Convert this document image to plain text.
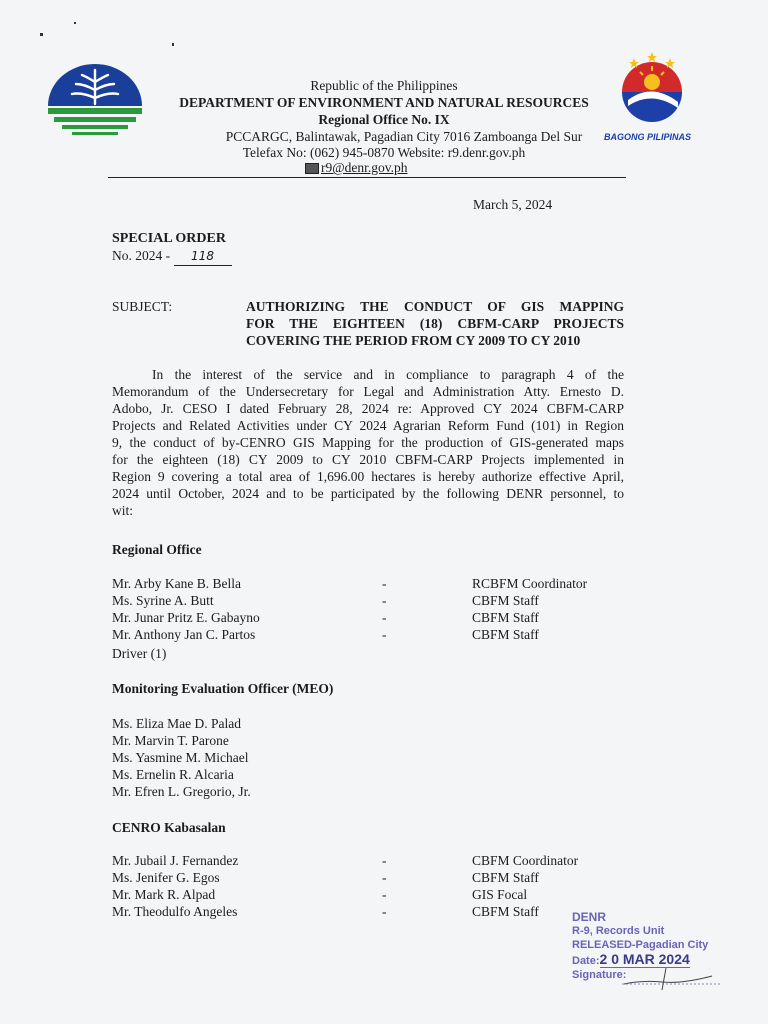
BAGONG PILIPINAS
Republic of the Philippines
DEPARTMENT OF ENVIRONMENT AND NATURAL RESOURCES
Regional Office No. IX
PCCARGC, Balintawak, Pagadian City 7016 Zamboanga Del Sur
Telefax No: (062) 945-0870 Website: r9.denr.gov.ph
r9@denr.gov.ph
March 5, 2024
SPECIAL ORDER
No. 2024 - 118
SUBJECT:	AUTHORIZING THE CONDUCT OF GIS MAPPING
FOR THE EIGHTEEN (18) CBFM-CARP PROJECTS
COVERING THE PERIOD FROM CY 2009 TO CY 2010
In the interest of the service and in compliance to paragraph 4 of the
Memorandum of the Undersecretary for Legal and Administration Atty. Ernesto D.
Adobo, Jr. CESO I dated February 28, 2024 re: Approved CY 2024 CBFM-CARP
Projects and Related Activities under CY 2024 Agrarian Reform Fund (101) in Region
9, the conduct of by-CENRO GIS Mapping for the production of GIS-generated maps
for the eighteen (18) CY 2009 to CY 2010 CBFM-CARP Projects implemented in
Region 9 covering a total area of 1,696.00 hectares is hereby authorize effective April,
2024 until October, 2024 and to be participated by the following DENR personnel, to
wit:
Regional Office
Mr. Arby Kane B. Bella	-	RCBFM Coordinator
Ms. Syrine A. Butt	-	CBFM Staff
Mr. Junar Pritz E. Gabayno	-	CBFM Staff
Mr. Anthony Jan C. Partos	-	CBFM Staff
Driver (1)
Monitoring Evaluation Officer (MEO)
Ms. Eliza Mae D. Palad
Mr. Marvin T. Parone
Ms. Yasmine M. Michael
Ms. Ernelin R. Alcaria
Mr. Efren L. Gregorio, Jr.
CENRO Kabasalan
Mr. Jubail J. Fernandez	-	CBFM Coordinator
Ms. Jenifer G. Egos	-	CBFM Staff
Mr. Mark R. Alpad	-	GIS Focal
Mr. Theodulfo Angeles	-	CBFM Staff	DENR
R-9, Records Unit
RELEASED-Pagadian City
Date:2 0 MAR 2024
Signature:
